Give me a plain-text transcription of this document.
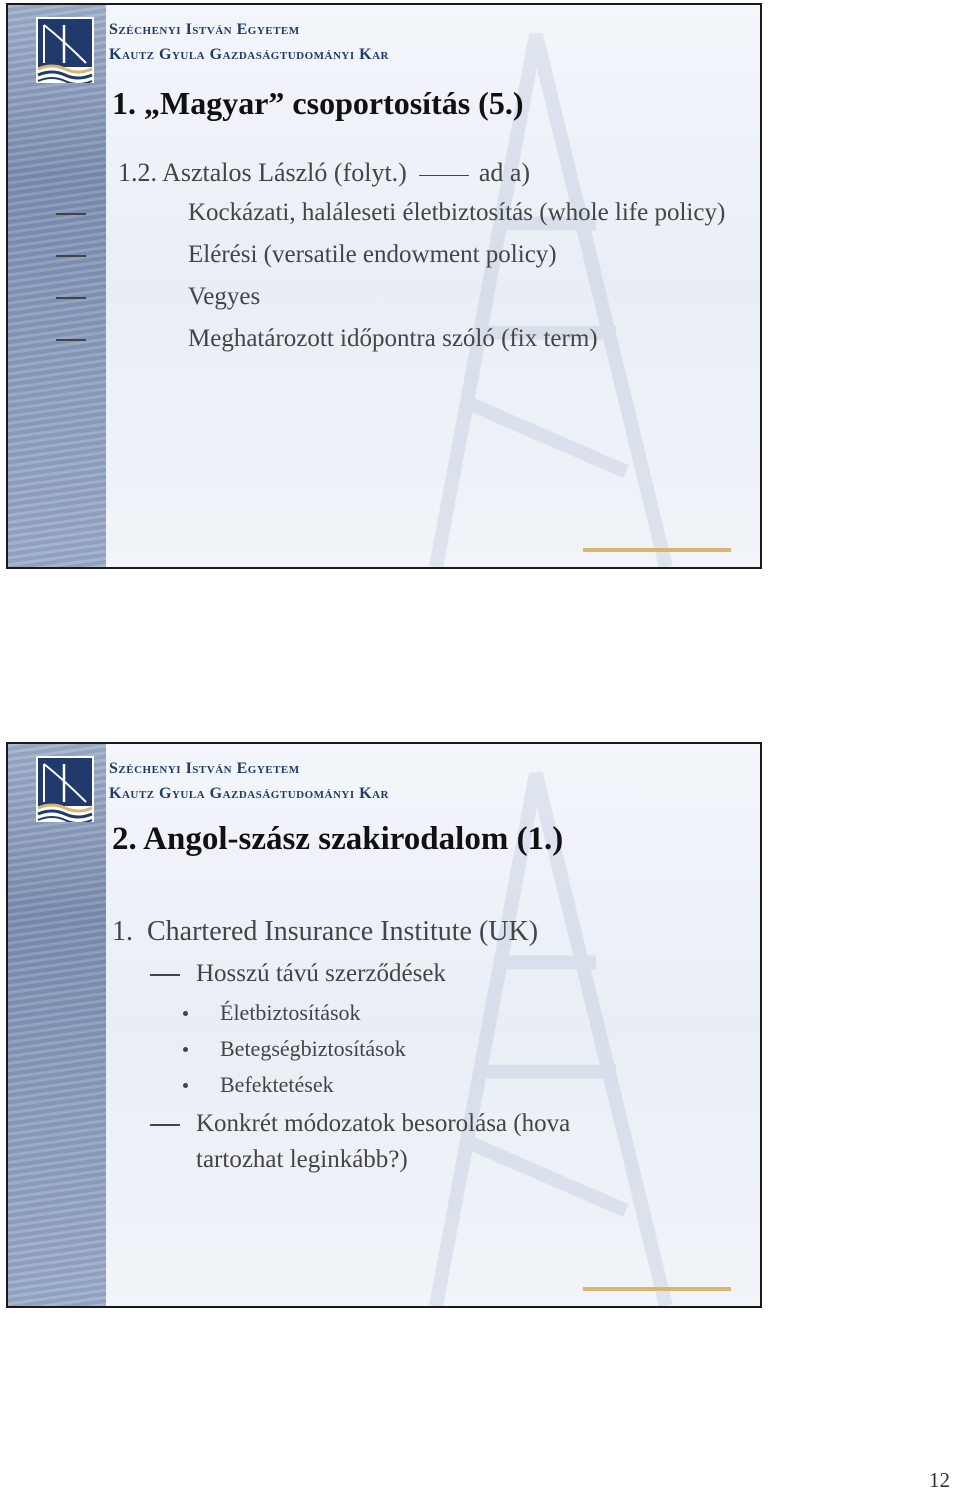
Széchenyi István Egyetem
Kautz Gyula Gazdaságtudományi Kar
1. „Magyar” csoportosítás (5.)
1.2. Asztalos László (folyt.)	ad a)
Kockázati, haláleseti életbiztosítás (whole life policy)
Elérési (versatile endowment policy)
Vegyes
Meghatározott időpontra szóló (fix term)
Széchenyi István Egyetem
Kautz Gyula Gazdaságtudományi Kar
2. Angol-szász szakirodalom (1.)
1.  Chartered Insurance Institute (UK)
Hosszú távú szerződések
Életbiztosítások
Betegségbiztosítások
Befektetések
Konkrét módozatok besorolása (hova tartozhat leginkább?)
12
